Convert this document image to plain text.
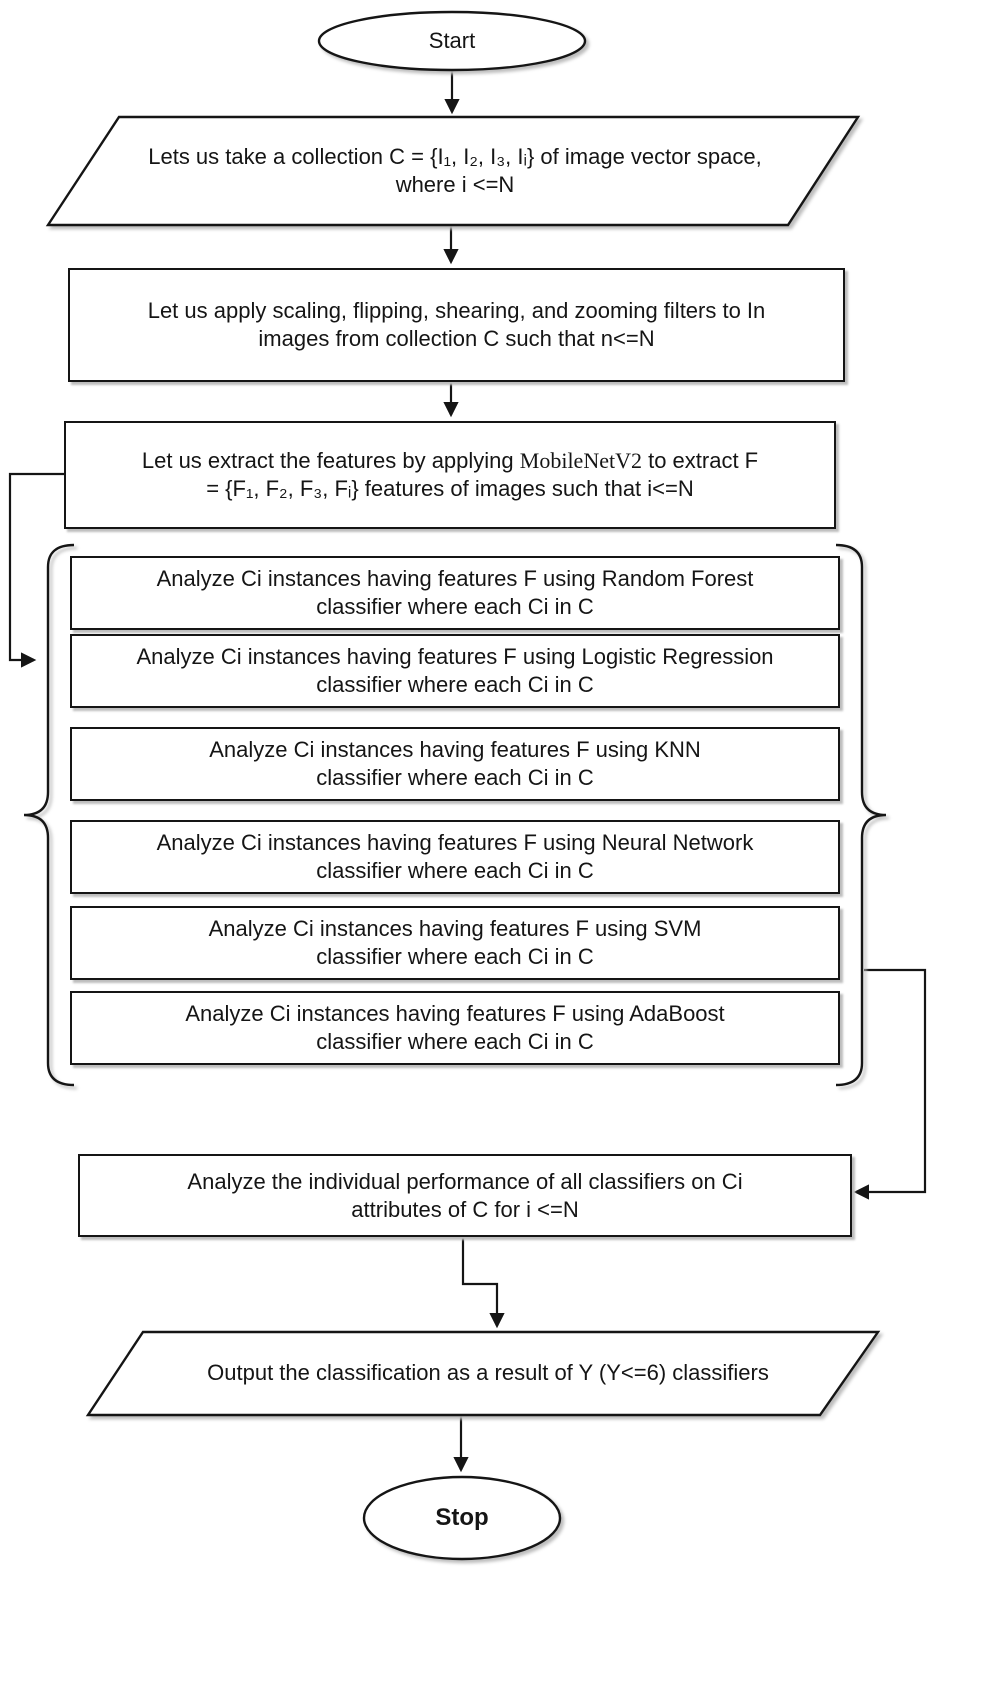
Start
Lets us take a collection C = {I₁, I₂, I₃, Iᵢ} of image vector space,
where i <=N
Let us apply scaling, flipping, shearing, and zooming filters to In
images from collection C such that n<=N
Let us extract the features by applying MobileNetV2 to extract F
= {F₁, F₂, F₃, Fᵢ} features of images such that i<=N
Analyze Ci instances having features F using Random Forest
classifier where each Ci in C
Analyze Ci instances having features F using Logistic Regression
classifier where each Ci in C
Analyze Ci instances having features F using KNN
classifier where each Ci in C
Analyze Ci instances having features F using Neural Network
classifier where each Ci in C
Analyze Ci instances having features F using SVM
classifier where each Ci in C
Analyze Ci instances having features F using AdaBoost
classifier where each Ci in C
Analyze the individual performance of all classifiers on Ci
attributes of C for i <=N
Output the classification as a result of Y (Y<=6) classifiers
Stop
